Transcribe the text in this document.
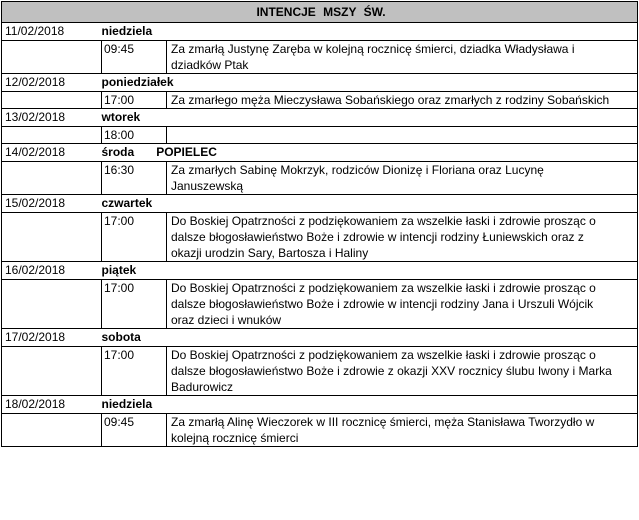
INTENCJE MSZY ŚW.		
11/02/2018	niedziela	
	09:45	Za zmarłą Justynę Zaręba w kolejną rocznicę śmierci, dziadka Władysława i dziadków Ptak
12/02/2018	poniedziałek	
	17:00	Za zmarłego męża Mieczysława Sobańskiego oraz zmarłych z rodziny Sobańskich
13/02/2018	wtorek	
	18:00	
14/02/2018	środa POPIELEC	
	16:30	Za zmarłych Sabinę Mokrzyk, rodziców Dionizę i Floriana oraz Lucynę Januszewską
15/02/2018	czwartek	
	17:00	Do Boskiej Opatrzności z podziękowaniem za wszelkie łaski i zdrowie prosząc o dalsze błogosławieństwo Boże i zdrowie w intencji rodziny Łuniewskich oraz z okazji urodzin Sary, Bartosza i Haliny
16/02/2018	piątek	
	17:00	Do Boskiej Opatrzności z podziękowaniem za wszelkie łaski i zdrowie prosząc o dalsze błogosławieństwo Boże i zdrowie w intencji rodziny Jana i Urszuli Wójcik oraz dzieci i wnuków
17/02/2018	sobota	
	17:00	Do Boskiej Opatrzności z podziękowaniem za wszelkie łaski i zdrowie prosząc o dalsze błogosławieństwo Boże i zdrowie z okazji XXV rocznicy ślubu Iwony i Marka Badurowicz
18/02/2018	niedziela	
	09:45	Za zmarłą Alinę Wieczorek w III rocznicę śmierci, męża Stanisława Tworzydło w kolejną rocznicę śmierci
